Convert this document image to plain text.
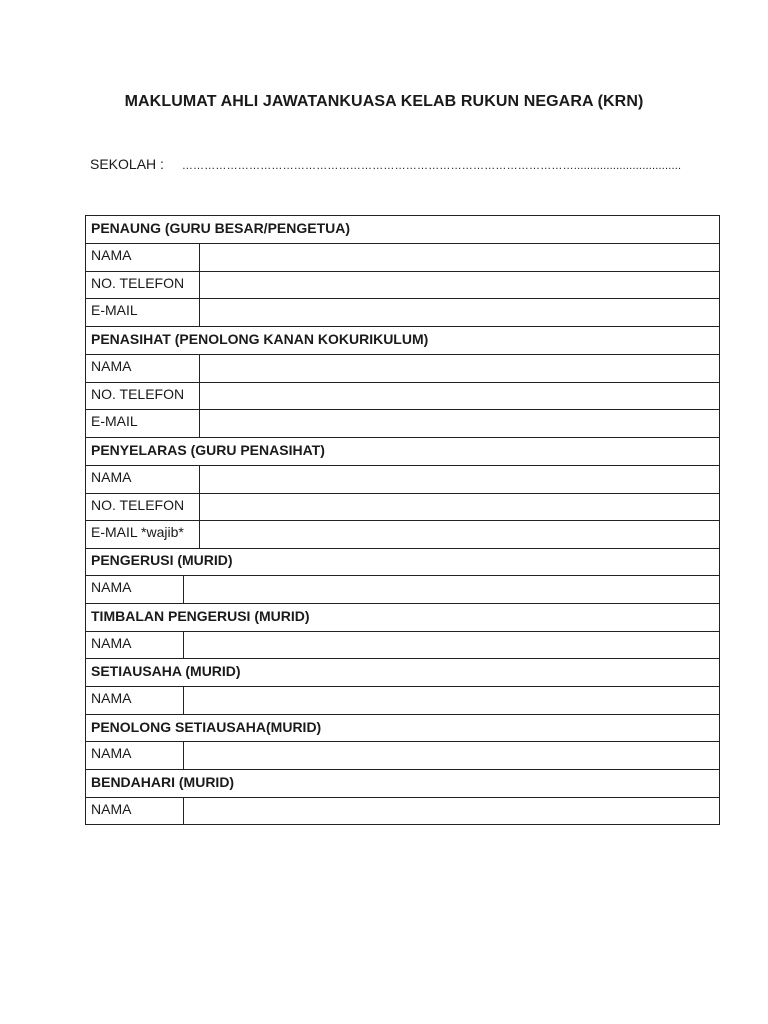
MAKLUMAT AHLI JAWATANKUASA KELAB RUKUN NEGARA (KRN)
SEKOLAH : …………………………………………………………………………………………….................................
PENAUNG (GURU BESAR/PENGETUA)	
NAMA	
NO. TELEFON	
E-MAIL	
PENASIHAT (PENOLONG KANAN KOKURIKULUM)	
NAMA	
NO. TELEFON	
E-MAIL	
PENYELARAS (GURU PENASIHAT)	
NAMA	
NO. TELEFON	
E-MAIL *wajib*	
PENGERUSI (MURID)	
NAMA	
TIMBALAN PENGERUSI (MURID)	
NAMA	
SETIAUSAHA (MURID)	
NAMA	
PENOLONG SETIAUSAHA(MURID)	
NAMA	
BENDAHARI (MURID)	
NAMA	
